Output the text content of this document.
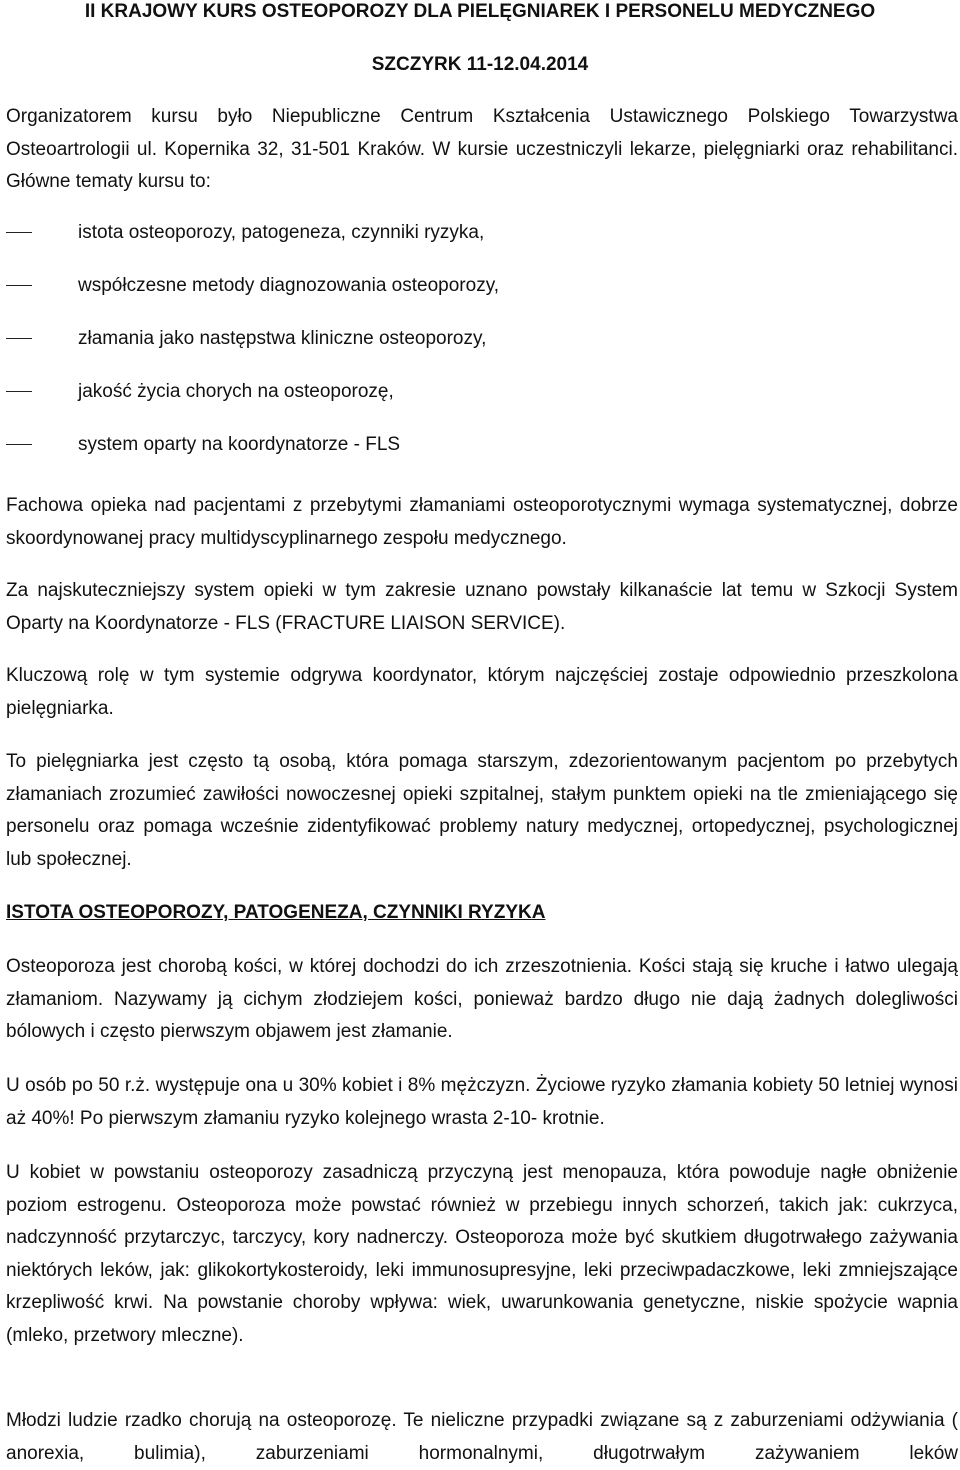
II KRAJOWY KURS OSTEOPOROZY DLA PIELĘGNIAREK I PERSONELU MEDYCZNEGO

SZCZYRK 11-12.04.2014

Organizatorem kursu było Niepubliczne Centrum Kształcenia Ustawicznego Polskiego Towarzystwa Osteoartrologii ul. Kopernika 32, 31-501 Kraków. W kursie uczestniczyli lekarze, pielęgniarki oraz rehabilitanci. Główne tematy kursu to:

istota osteoporozy, patogeneza, czynniki ryzyka,
współczesne metody diagnozowania osteoporozy,
złamania jako następstwa kliniczne osteoporozy,
jakość życia chorych na osteoporozę,
system oparty na koordynatorze - FLS

Fachowa opieka nad pacjentami z przebytymi złamaniami osteoporotycznymi wymaga systematycznej, dobrze skoordynowanej pracy multidyscyplinarnego zespołu medycznego.

Za najskuteczniejszy system opieki w tym zakresie uznano powstały kilkanaście lat temu w Szkocji System Oparty na Koordynatorze - FLS (FRACTURE LIAISON SERVICE).

Kluczową rolę w tym systemie odgrywa koordynator, którym najczęściej zostaje odpowiednio przeszkolona pielęgniarka.

To pielęgniarka jest często tą osobą, która pomaga starszym, zdezorientowanym pacjentom po przebytych złamaniach zrozumieć zawiłości nowoczesnej opieki szpitalnej, stałym punktem opieki na tle zmieniającego się personelu oraz pomaga wcześnie zidentyfikować problemy natury medycznej, ortopedycznej, psychologicznej lub społecznej.

ISTOTA OSTEOPOROZY, PATOGENEZA, CZYNNIKI RYZYKA

Osteoporoza jest chorobą kości, w której dochodzi do ich zrzeszotnienia. Kości stają się kruche i łatwo ulegają złamaniom. Nazywamy ją cichym złodziejem kości, ponieważ bardzo długo nie dają żadnych dolegliwości bólowych i często pierwszym objawem jest złamanie.

U osób po 50 r.ż. występuje ona u 30% kobiet i 8% mężczyzn. Życiowe ryzyko złamania kobiety 50 letniej wynosi aż 40%! Po pierwszym złamaniu ryzyko kolejnego wrasta 2-10- krotnie.

U kobiet w powstaniu osteoporozy zasadniczą przyczyną jest menopauza, która powoduje nagłe obniżenie poziom estrogenu. Osteoporoza może powstać również w przebiegu innych schorzeń, takich jak: cukrzyca, nadczynność przytarczyc, tarczycy, kory nadnerczy. Osteoporoza może być skutkiem długotrwałego zażywania niektórych leków, jak: glikokortykosteroidy, leki immunosupresyjne, leki przeciwpadaczkowe, leki zmniejszające krzepliwość krwi. Na powstanie choroby wpływa: wiek, uwarunkowania genetyczne, niskie spożycie wapnia (mleko, przetwory mleczne).

Młodzi ludzie rzadko chorują na osteoporozę. Te nieliczne przypadki związane są z zaburzeniami odżywiania ( anorexia, bulimia), zaburzeniami hormonalnymi, długotrwałym zażywaniem leków
